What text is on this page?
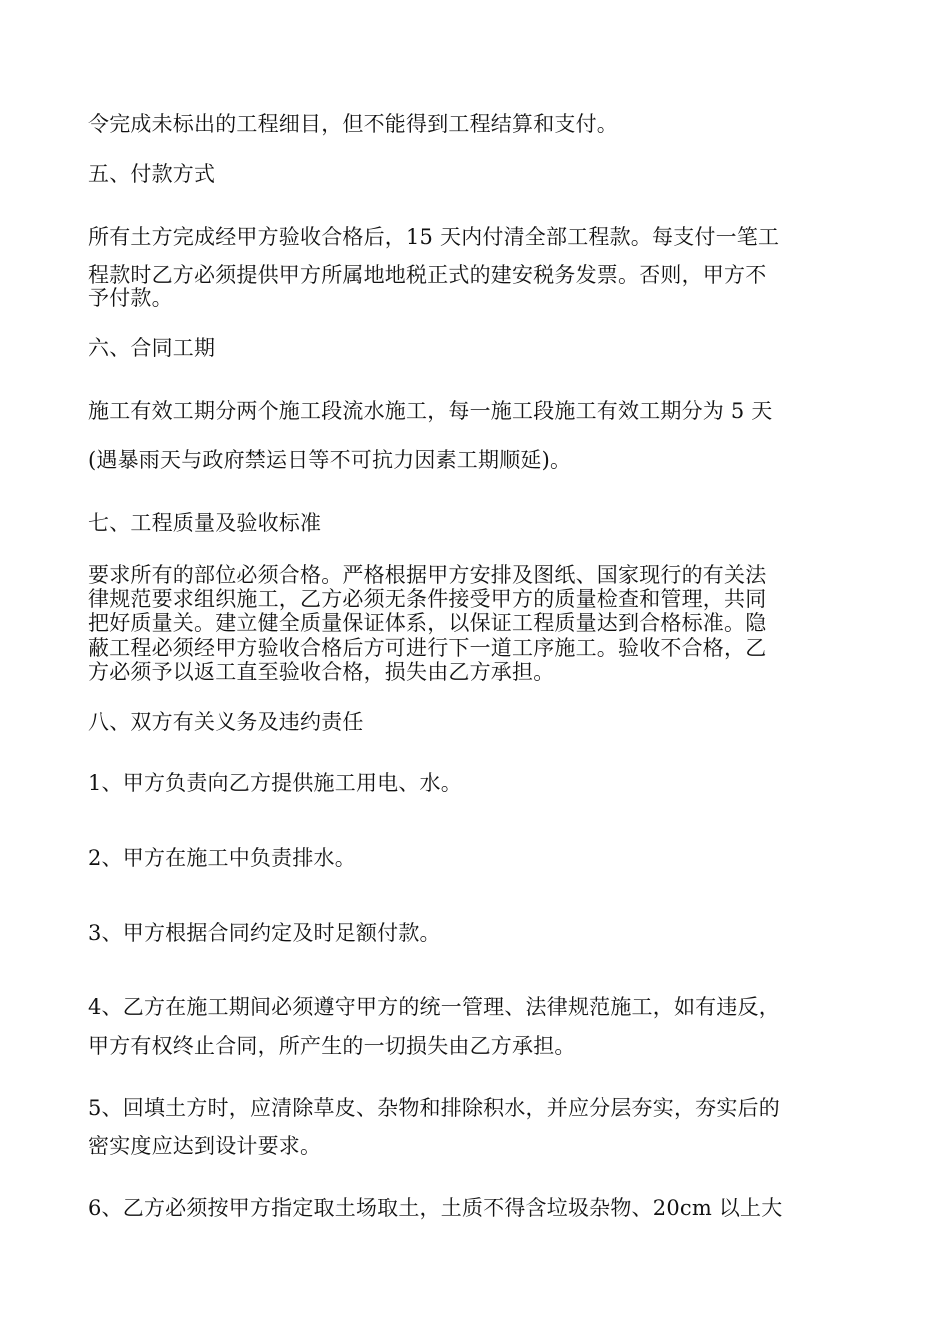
令完成未标出的工程细目，但不能得到工程结算和支付。

五、付款方式

所有土方完成经甲方验收合格后，15 天内付清全部工程款。每支付一笔工

程款时乙方必须提供甲方所属地地税正式的建安税务发票。否则，甲方不

予付款。

六、合同工期

施工有效工期分两个施工段流水施工，每一施工段施工有效工期分为 5 天

(遇暴雨天与政府禁运日等不可抗力因素工期顺延)。

七、工程质量及验收标准

要求所有的部位必须合格。严格根据甲方安排及图纸、国家现行的有关法

律规范要求组织施工，乙方必须无条件接受甲方的质量检查和管理，共同

把好质量关。建立健全质量保证体系，以保证工程质量达到合格标准。隐

蔽工程必须经甲方验收合格后方可进行下一道工序施工。验收不合格，乙

方必须予以返工直至验收合格，损失由乙方承担。

八、双方有关义务及违约责任

1、甲方负责向乙方提供施工用电、水。

2、甲方在施工中负责排水。

3、甲方根据合同约定及时足额付款。

4、乙方在施工期间必须遵守甲方的统一管理、法律规范施工，如有违反，

甲方有权终止合同，所产生的一切损失由乙方承担。

5、回填土方时，应清除草皮、杂物和排除积水，并应分层夯实，夯实后的

密实度应达到设计要求。

6、乙方必须按甲方指定取土场取土，土质不得含垃圾杂物、20cm 以上大
